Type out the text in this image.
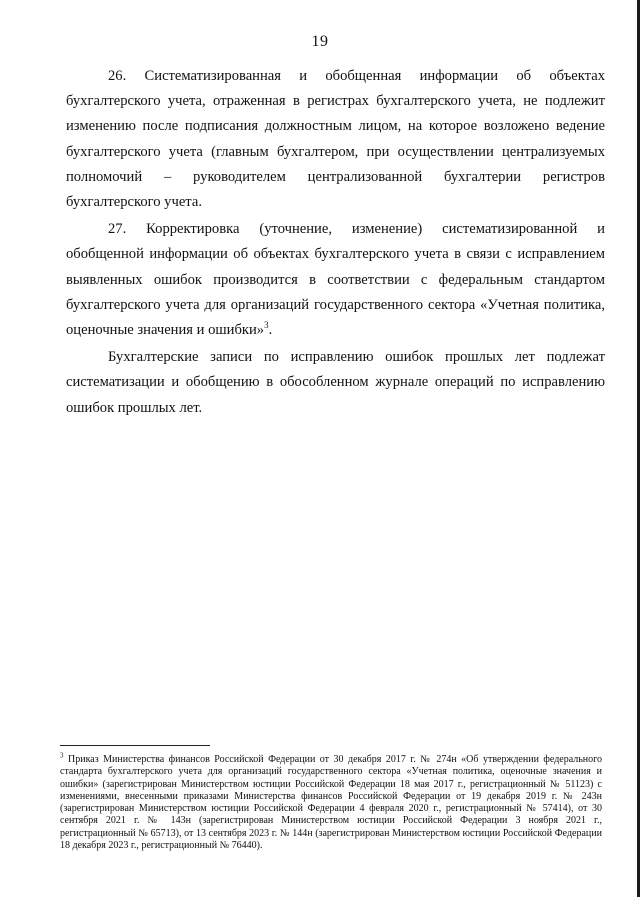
19

26. Систематизированная и обобщенная информации об объектах бухгалтерского учета, отраженная в регистрах бухгалтерского учета, не подлежит изменению после подписания должностным лицом, на которое возложено ведение бухгалтерского учета (главным бухгалтером, при осуществлении централизуемых полномочий – руководителем централизованной бухгалтерии регистров бухгалтерского учета.

27. Корректировка (уточнение, изменение) систематизированной и обобщенной информации об объектах бухгалтерского учета в связи с исправлением выявленных ошибок производится в соответствии с федеральным стандартом бухгалтерского учета для организаций государственного сектора «Учетная политика, оценочные значения и ошибки»$^3$.

Бухгалтерские записи по исправлению ошибок прошлых лет подлежат систематизации и обобщению в обособленном журнале операций по исправлению ошибок прошлых лет.

$^3$ Приказ Министерства финансов Российской Федерации от 30 декабря 2017 г. № 274н «Об утверждении федерального стандарта бухгалтерского учета для организаций государственного сектора «Учетная политика, оценочные значения и ошибки» (зарегистрирован Министерством юстиции Российской Федерации 18 мая 2017 г., регистрационный № 51123) с изменениями, внесенными приказами Министерства финансов Российской Федерации от 19 декабря 2019 г. № 243н (зарегистрирован Министерством юстиции Российской Федерации 4 февраля 2020 г., регистрационный № 57414), от 30 сентября 2021 г. № 143н (зарегистрирован Министерством юстиции Российской Федерации 3 ноября 2021 г., регистрационный № 65713), от 13 сентября 2023 г. № 144н (зарегистрирован Министерством юстиции Российской Федерации 18 декабря 2023 г., регистрационный № 76440).
